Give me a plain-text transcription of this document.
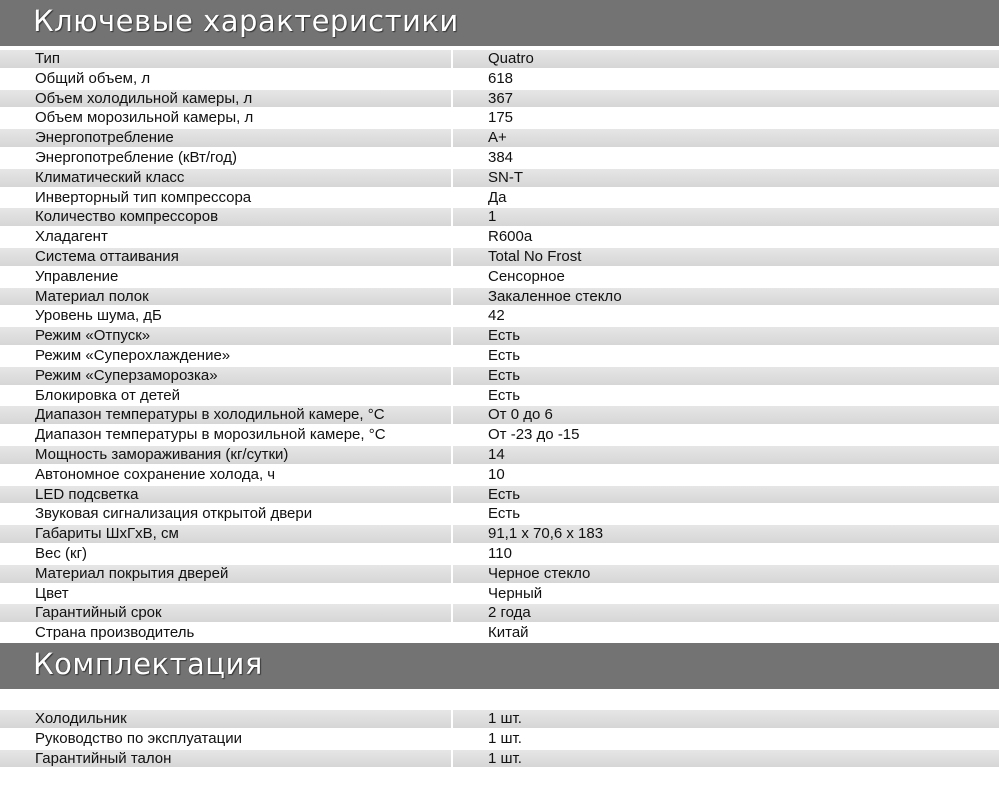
Ключевые характеристики
Тип	Quatro
Общий объем, л	618
Объем холодильной камеры, л	367
Объем морозильной камеры, л	175
Энергопотребление	А+
Энергопотребление (кВт/год)	384
Климатический класс	SN-T
Инверторный тип компрессора	Да
Количество компрессоров	1
Хладагент	R600a
Система оттаивания	Total No Frost
Управление	Сенсорное
Материал полок	Закаленное стекло
Уровень шума, дБ	42
Режим «Отпуск»	Есть
Режим «Суперохлаждение»	Есть
Режим «Суперзаморозка»	Есть
Блокировка от детей	Есть
Диапазон температуры в холодильной камере, °С	От 0 до 6
Диапазон температуры в морозильной камере, °С	От -23 до -15
Мощность замораживания (кг/сутки)	14
Автономное сохранение холода, ч	10
LED подсветка	Есть
Звуковая сигнализация открытой двери	Есть
Габариты ШхГхВ, см	91,1 х 70,6 х 183
Вес (кг)	110
Материал покрытия дверей	Черное стекло
Цвет	Черный
Гарантийный срок	2 года
Страна производитель	Китай
Комплектация
Холодильник	1 шт.
Руководство по эксплуатации	1 шт.
Гарантийный талон	1 шт.
